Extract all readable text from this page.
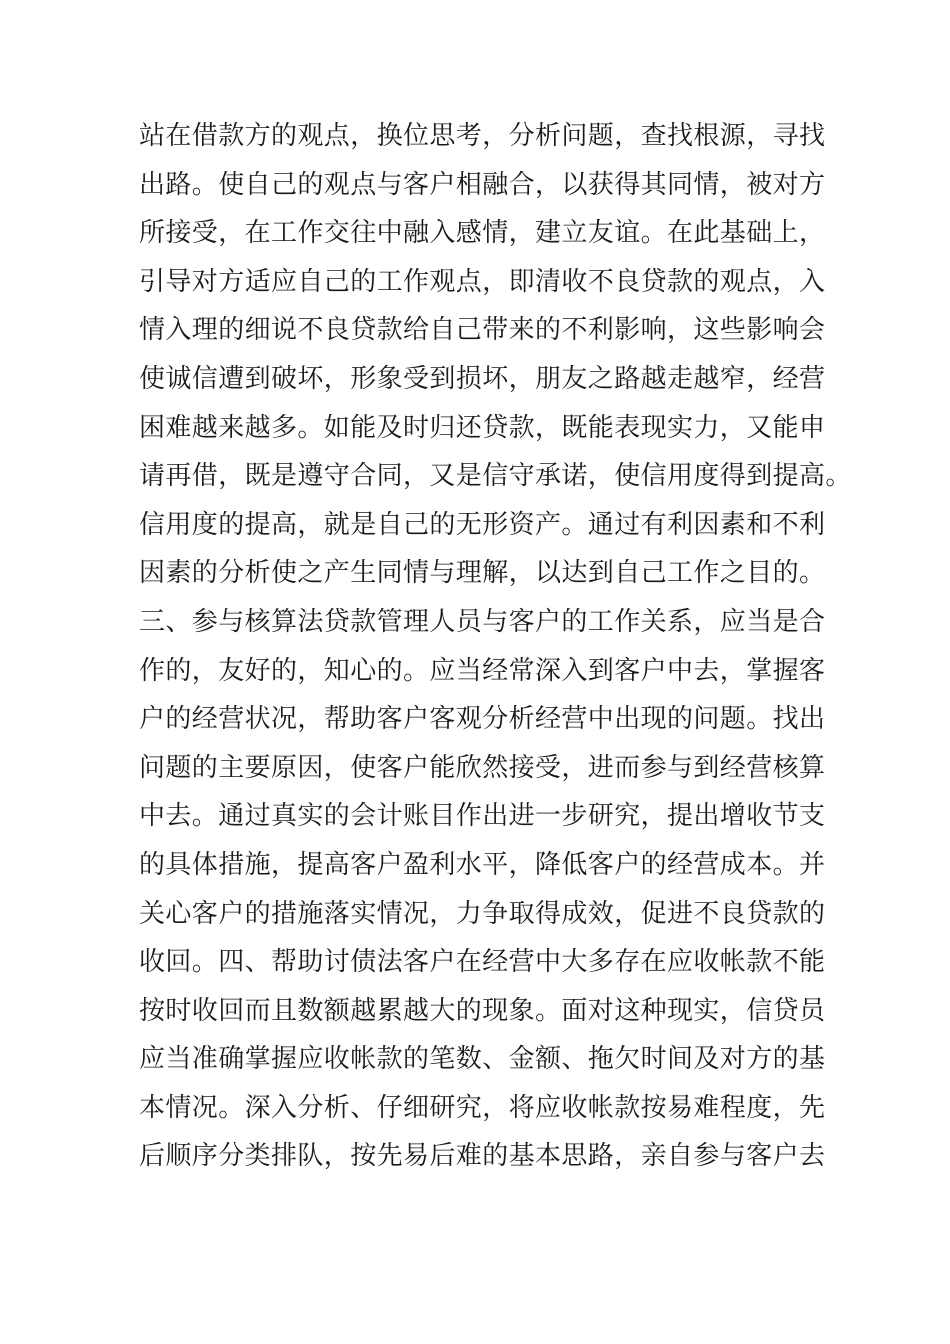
站在借款方的观点，换位思考，分析问题，查找根源，寻找
出路。使自己的观点与客户相融合，以获得其同情，被对方
所接受，在工作交往中融入感情，建立友谊。在此基础上，
引导对方适应自己的工作观点，即清收不良贷款的观点，入
情入理的细说不良贷款给自己带来的不利影响，这些影响会
使诚信遭到破坏，形象受到损坏，朋友之路越走越窄，经营
困难越来越多。如能及时归还贷款，既能表现实力，又能申
请再借，既是遵守合同，又是信守承诺，使信用度得到提高。
信用度的提高，就是自己的无形资产。通过有利因素和不利
因素的分析使之产生同情与理解，以达到自己工作之目的。
三、参与核算法贷款管理人员与客户的工作关系，应当是合
作的，友好的，知心的。应当经常深入到客户中去，掌握客
户的经营状况，帮助客户客观分析经营中出现的问题。找出
问题的主要原因，使客户能欣然接受，进而参与到经营核算
中去。通过真实的会计账目作出进一步研究，提出增收节支
的具体措施，提高客户盈利水平，降低客户的经营成本。并
关心客户的措施落实情况，力争取得成效，促进不良贷款的
收回。四、帮助讨债法客户在经营中大多存在应收帐款不能
按时收回而且数额越累越大的现象。面对这种现实，信贷员
应当准确掌握应收帐款的笔数、金额、拖欠时间及对方的基
本情况。深入分析、仔细研究，将应收帐款按易难程度，先
后顺序分类排队，按先易后难的基本思路，亲自参与客户去
